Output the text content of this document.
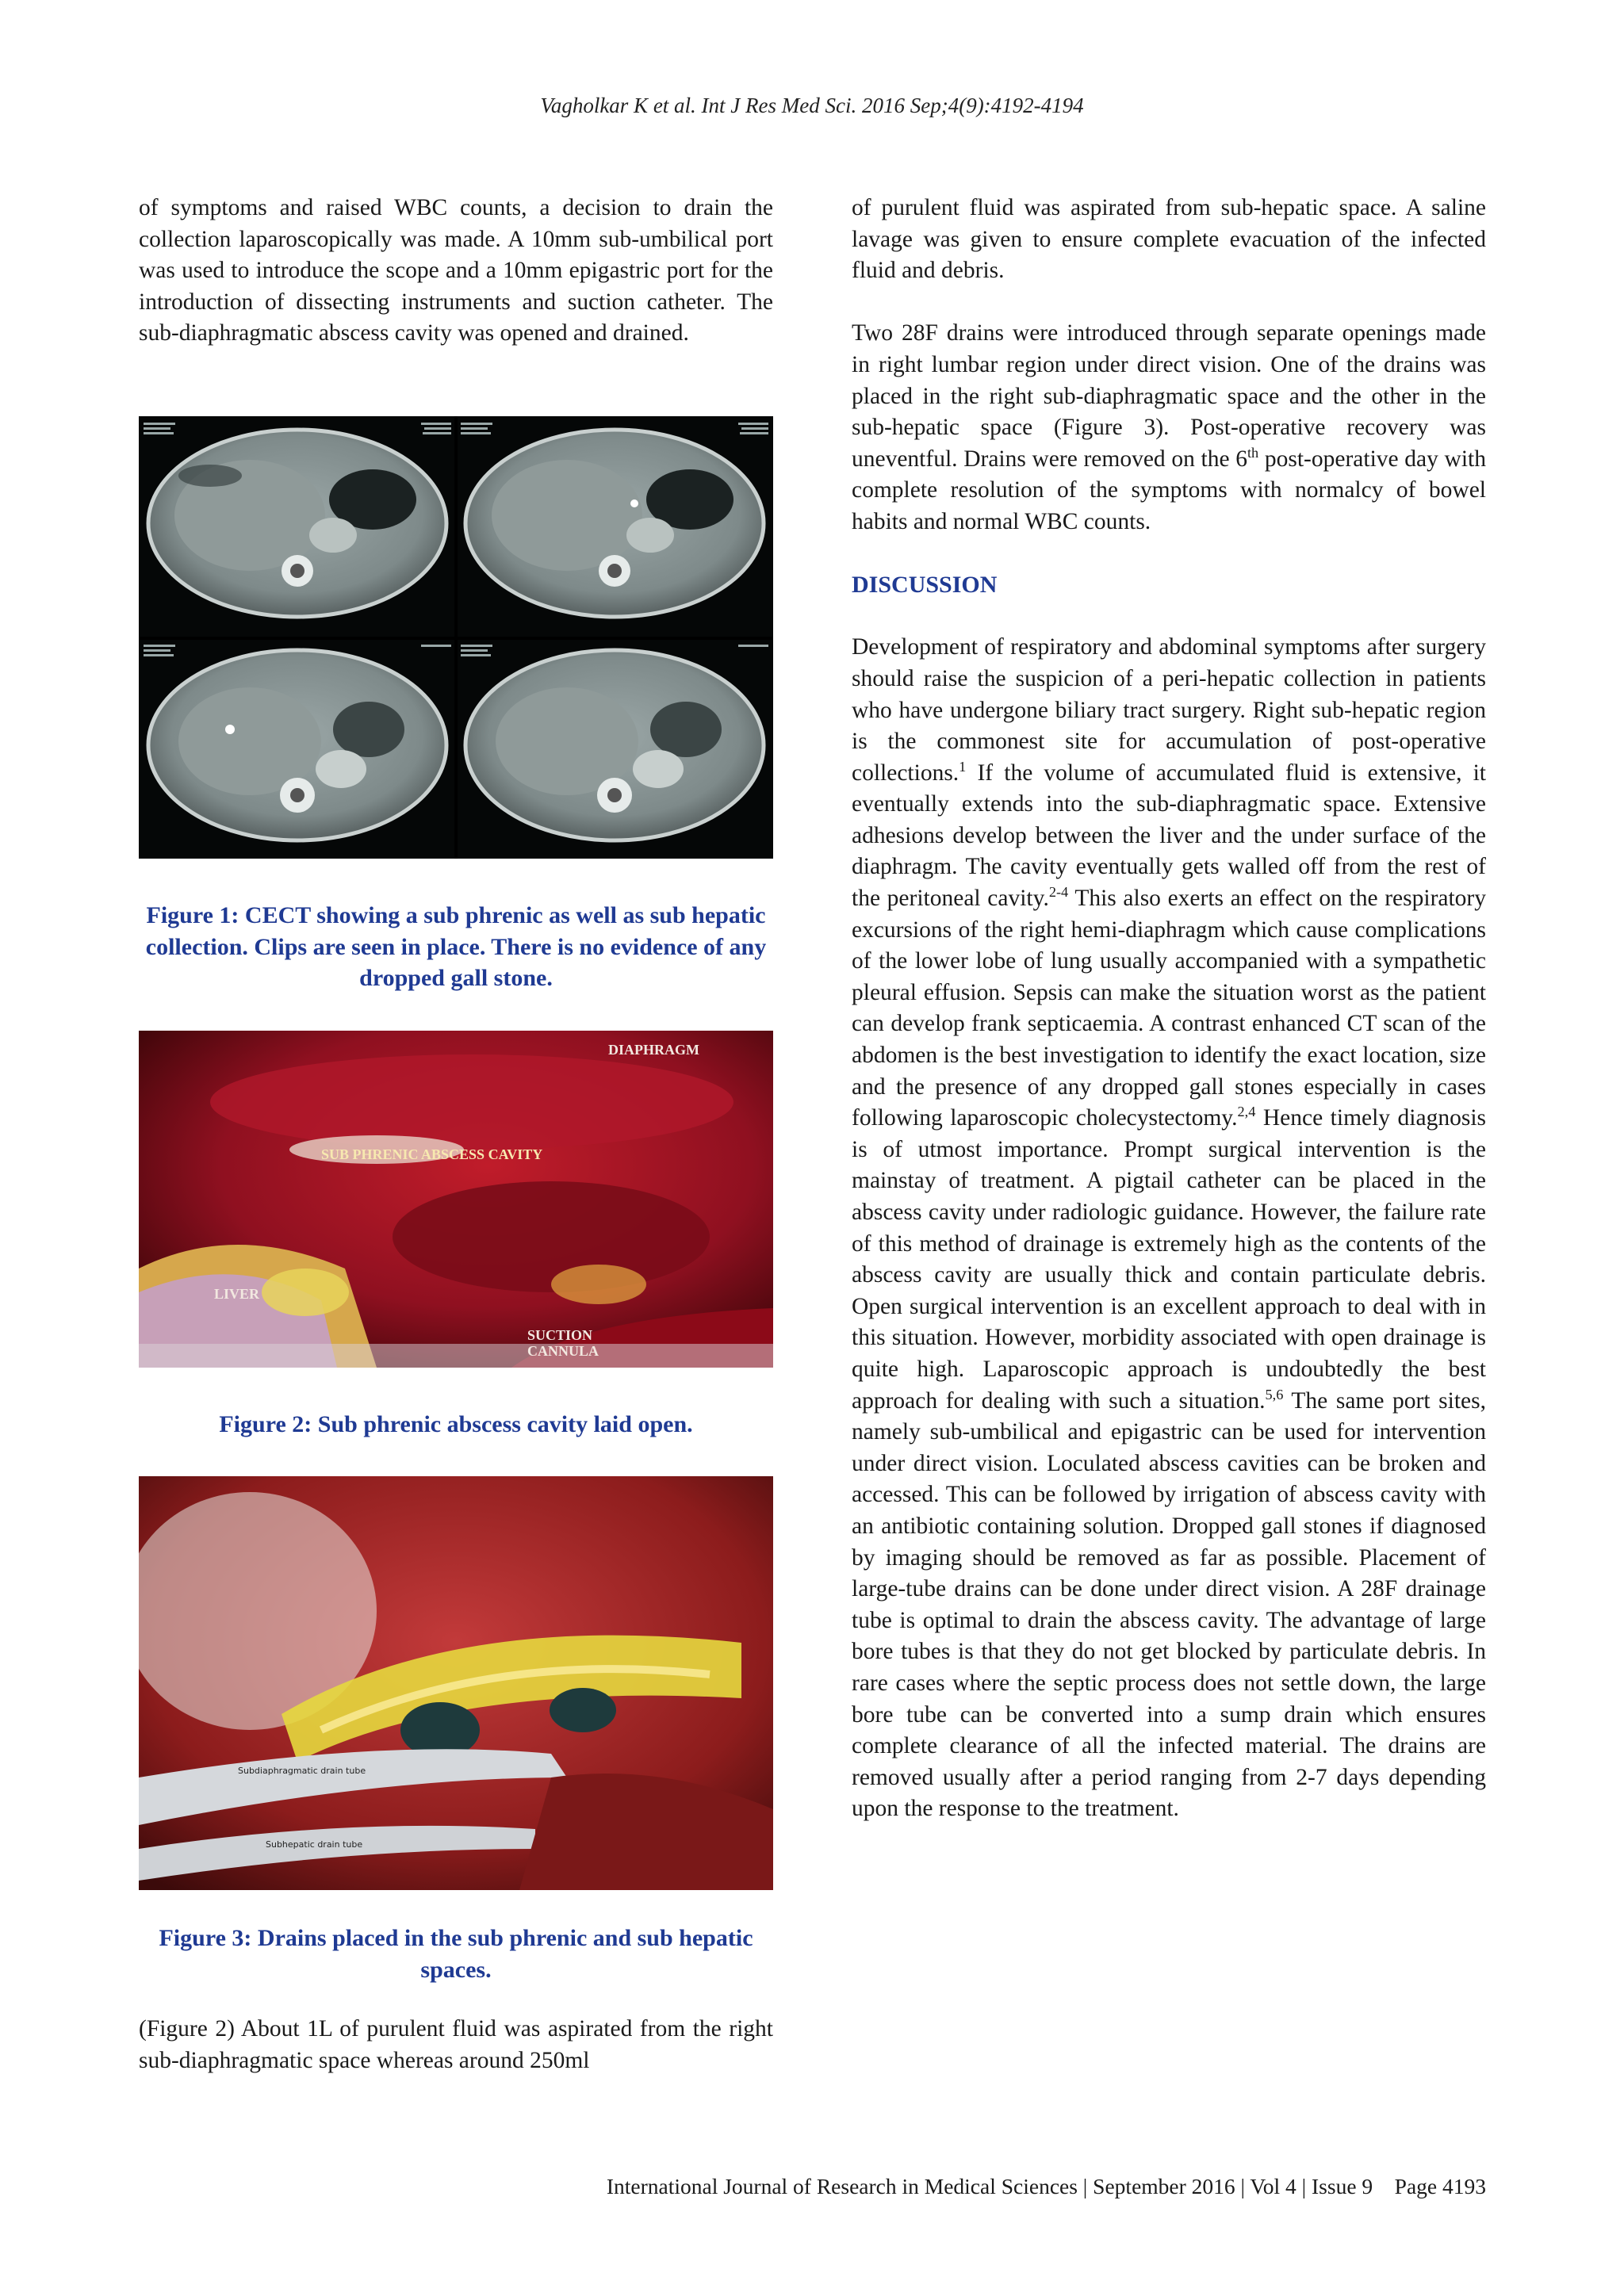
Vagholkar K et al. Int J Res Med Sci. 2016 Sep;4(9):4192-4194

of symptoms and raised WBC counts, a decision to drain the collection laparoscopically was made. A 10mm sub-umbilical port was used to introduce the scope and a 10mm epigastric port for the introduction of dissecting instruments and suction catheter. The sub-diaphragmatic abscess cavity was opened and drained.

Figure 1: CECT showing a sub phrenic as well as sub hepatic collection. Clips are seen in place. There is no evidence of any dropped gall stone.
DIAPHRAGM
SUB PHRENIC ABSCESS CAVITY
LIVER
SUCTION
CANNULA
Figure 2: Sub phrenic abscess cavity laid open.
Subdiaphragmatic drain tube
Subhepatic drain tube
Figure 3: Drains placed in the sub phrenic and sub hepatic spaces.

(Figure 2) About 1L of purulent fluid was aspirated from the right sub-diaphragmatic space whereas around 250ml

of purulent fluid was aspirated from sub-hepatic space. A saline lavage was given to ensure complete evacuation of the infected fluid and debris.

Two 28F drains were introduced through separate openings made in right lumbar region under direct vision. One of the drains was placed in the right sub-diaphragmatic space and the other in the sub-hepatic space (Figure 3). Post-operative recovery was uneventful. Drains were removed on the 6th post-operative day with complete resolution of the symptoms with normalcy of bowel habits and normal WBC counts.

DISCUSSION

Development of respiratory and abdominal symptoms after surgery should raise the suspicion of a peri-hepatic collection in patients who have undergone biliary tract surgery. Right sub-hepatic region is the commonest site for accumulation of post-operative collections.$^1$ If the volume of accumulated fluid is extensive, it eventually extends into the sub-diaphragmatic space. Extensive adhesions develop between the liver and the under surface of the diaphragm. The cavity eventually gets walled off from the rest of the peritoneal cavity.$^{2-4}$ This also exerts an effect on the respiratory excursions of the right hemi-diaphragm which cause complications of the lower lobe of lung usually accompanied with a sympathetic pleural effusion. Sepsis can make the situation worst as the patient can develop frank septicaemia. A contrast enhanced CT scan of the abdomen is the best investigation to identify the exact location, size and the presence of any dropped gall stones especially in cases following laparoscopic cholecystectomy.$^{2,4}$ Hence timely diagnosis is of utmost importance. Prompt surgical intervention is the mainstay of treatment. A pigtail catheter can be placed in the abscess cavity under radiologic guidance. However, the failure rate of this method of drainage is extremely high as the contents of the abscess cavity are usually thick and contain particulate debris. Open surgical intervention is an excellent approach to deal with in this situation. However, morbidity associated with open drainage is quite high. Laparoscopic approach is undoubtedly the best approach for dealing with such a situation.$^{5,6}$ The same port sites, namely sub-umbilical and epigastric can be used for intervention under direct vision. Loculated abscess cavities can be broken and accessed. This can be followed by irrigation of abscess cavity with an antibiotic containing solution. Dropped gall stones if diagnosed by imaging should be removed as far as possible. Placement of large-tube drains can be done under direct vision. A 28F drainage tube is optimal to drain the abscess cavity. The advantage of large bore tubes is that they do not get blocked by particulate debris. In rare cases where the septic process does not settle down, the large bore tube can be converted into a sump drain which ensures complete clearance of all the infected material. The drains are removed usually after a period ranging from 2-7 days depending upon the response to the treatment.

International Journal of Research in Medical Sciences | September 2016 | Vol 4 | Issue 9 Page 4193
